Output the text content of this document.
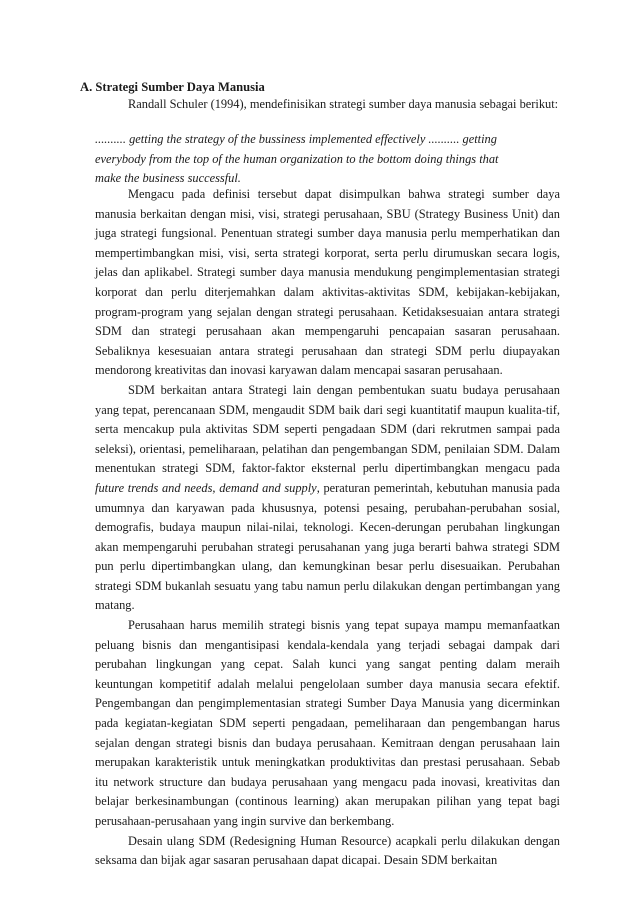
A. Strategi Sumber Daya Manusia

Randall Schuler (1994), mendefinisikan strategi sumber daya manusia sebagai berikut:

.......... getting the strategy of the bussiness implemented effectively .......... getting
everybody from the top of the human organization to the bottom doing things that
make the business successful.

Mengacu pada definisi tersebut dapat disimpulkan bahwa strategi sumber daya manusia berkaitan dengan misi, visi, strategi perusahaan, SBU (Strategy Business Unit) dan juga strategi fungsional. Penentuan strategi sumber daya manusia perlu memperhatikan dan mempertimbangkan misi, visi, serta strategi korporat, serta perlu dirumuskan secara logis, jelas dan aplikabel. Strategi sumber daya manusia mendukung pengimplementasian strategi korporat dan perlu diterjemahkan dalam aktivitas-aktivitas SDM, kebijakan-kebijakan, program-program yang sejalan dengan strategi perusahaan. Ketidaksesuaian antara strategi SDM dan strategi perusahaan akan mempengaruhi pencapaian sasaran perusahaan. Sebaliknya kesesuaian antara strategi perusahaan dan strategi SDM perlu diupayakan mendorong kreativitas dan inovasi karyawan dalam mencapai sasaran perusahaan.

SDM berkaitan antara Strategi lain dengan pembentukan suatu budaya perusahaan yang tepat, perencanaan SDM, mengaudit SDM baik dari segi kuantitatif maupun kualita-tif, serta mencakup pula aktivitas SDM seperti pengadaan SDM (dari rekrutmen sampai pada seleksi), orientasi, pemeliharaan, pelatihan dan pengembangan SDM, penilaian SDM. Dalam menentukan strategi SDM, faktor-faktor eksternal perlu dipertimbangkan mengacu pada future trends and needs, demand and supply, peraturan pemerintah, kebutuhan manusia pada umumnya dan karyawan pada khususnya, potensi pesaing, perubahan-perubahan sosial, demografis, budaya maupun nilai-nilai, teknologi. Kecen-derungan perubahan lingkungan akan mempengaruhi perubahan strategi perusahanan yang juga berarti bahwa strategi SDM pun perlu dipertimbangkan ulang, dan kemungkinan besar perlu disesuaikan. Perubahan strategi SDM bukanlah sesuatu yang tabu namun perlu dilakukan dengan pertimbangan yang matang.

Perusahaan harus memilih strategi bisnis yang tepat supaya mampu memanfaatkan peluang bisnis dan mengantisipasi kendala-kendala yang terjadi sebagai dampak dari perubahan lingkungan yang cepat. Salah kunci yang sangat penting dalam meraih keuntungan kompetitif adalah melalui pengelolaan sumber daya manusia secara efektif. Pengembangan dan pengimplementasian strategi Sumber Daya Manusia yang dicerminkan pada kegiatan-kegiatan SDM seperti pengadaan, pemeliharaan dan pengembangan harus sejalan dengan strategi bisnis dan budaya perusahaan. Kemitraan dengan perusahaan lain merupakan karakteristik untuk meningkatkan produktivitas dan prestasi perusahaan. Sebab itu network structure dan budaya perusahaan yang mengacu pada inovasi, kreativitas dan belajar berkesinambungan (continous learning) akan merupakan pilihan yang tepat bagi perusahaan-perusahaan yang ingin survive dan berkembang.

Desain ulang SDM (Redesigning Human Resource) acapkali perlu dilakukan dengan seksama dan bijak agar sasaran perusahaan dapat dicapai. Desain SDM berkaitan
